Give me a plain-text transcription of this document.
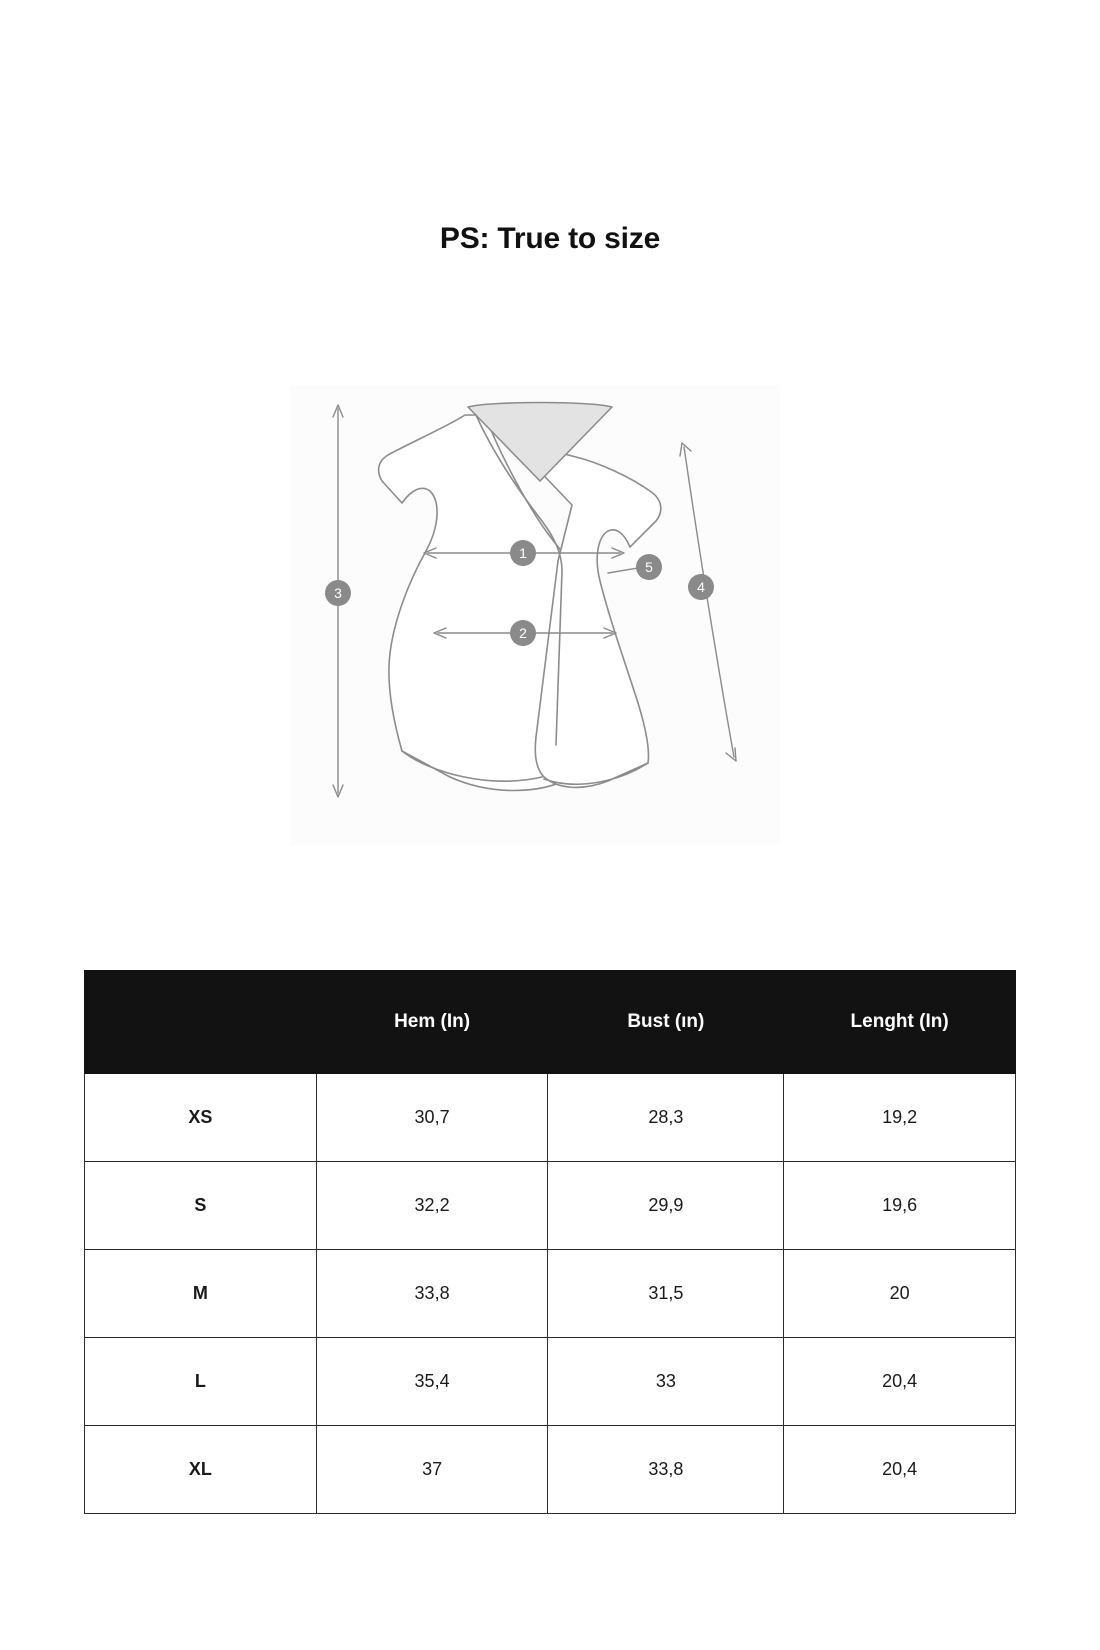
PS: True to size
1
2
3	4
5
	Hem (In)	Bust (ın)	Lenght (In)
XS	30,7	28,3	19,2
S	32,2	29,9	19,6
M	33,8	31,5	20
L	35,4	33	20,4
XL	37	33,8	20,4
